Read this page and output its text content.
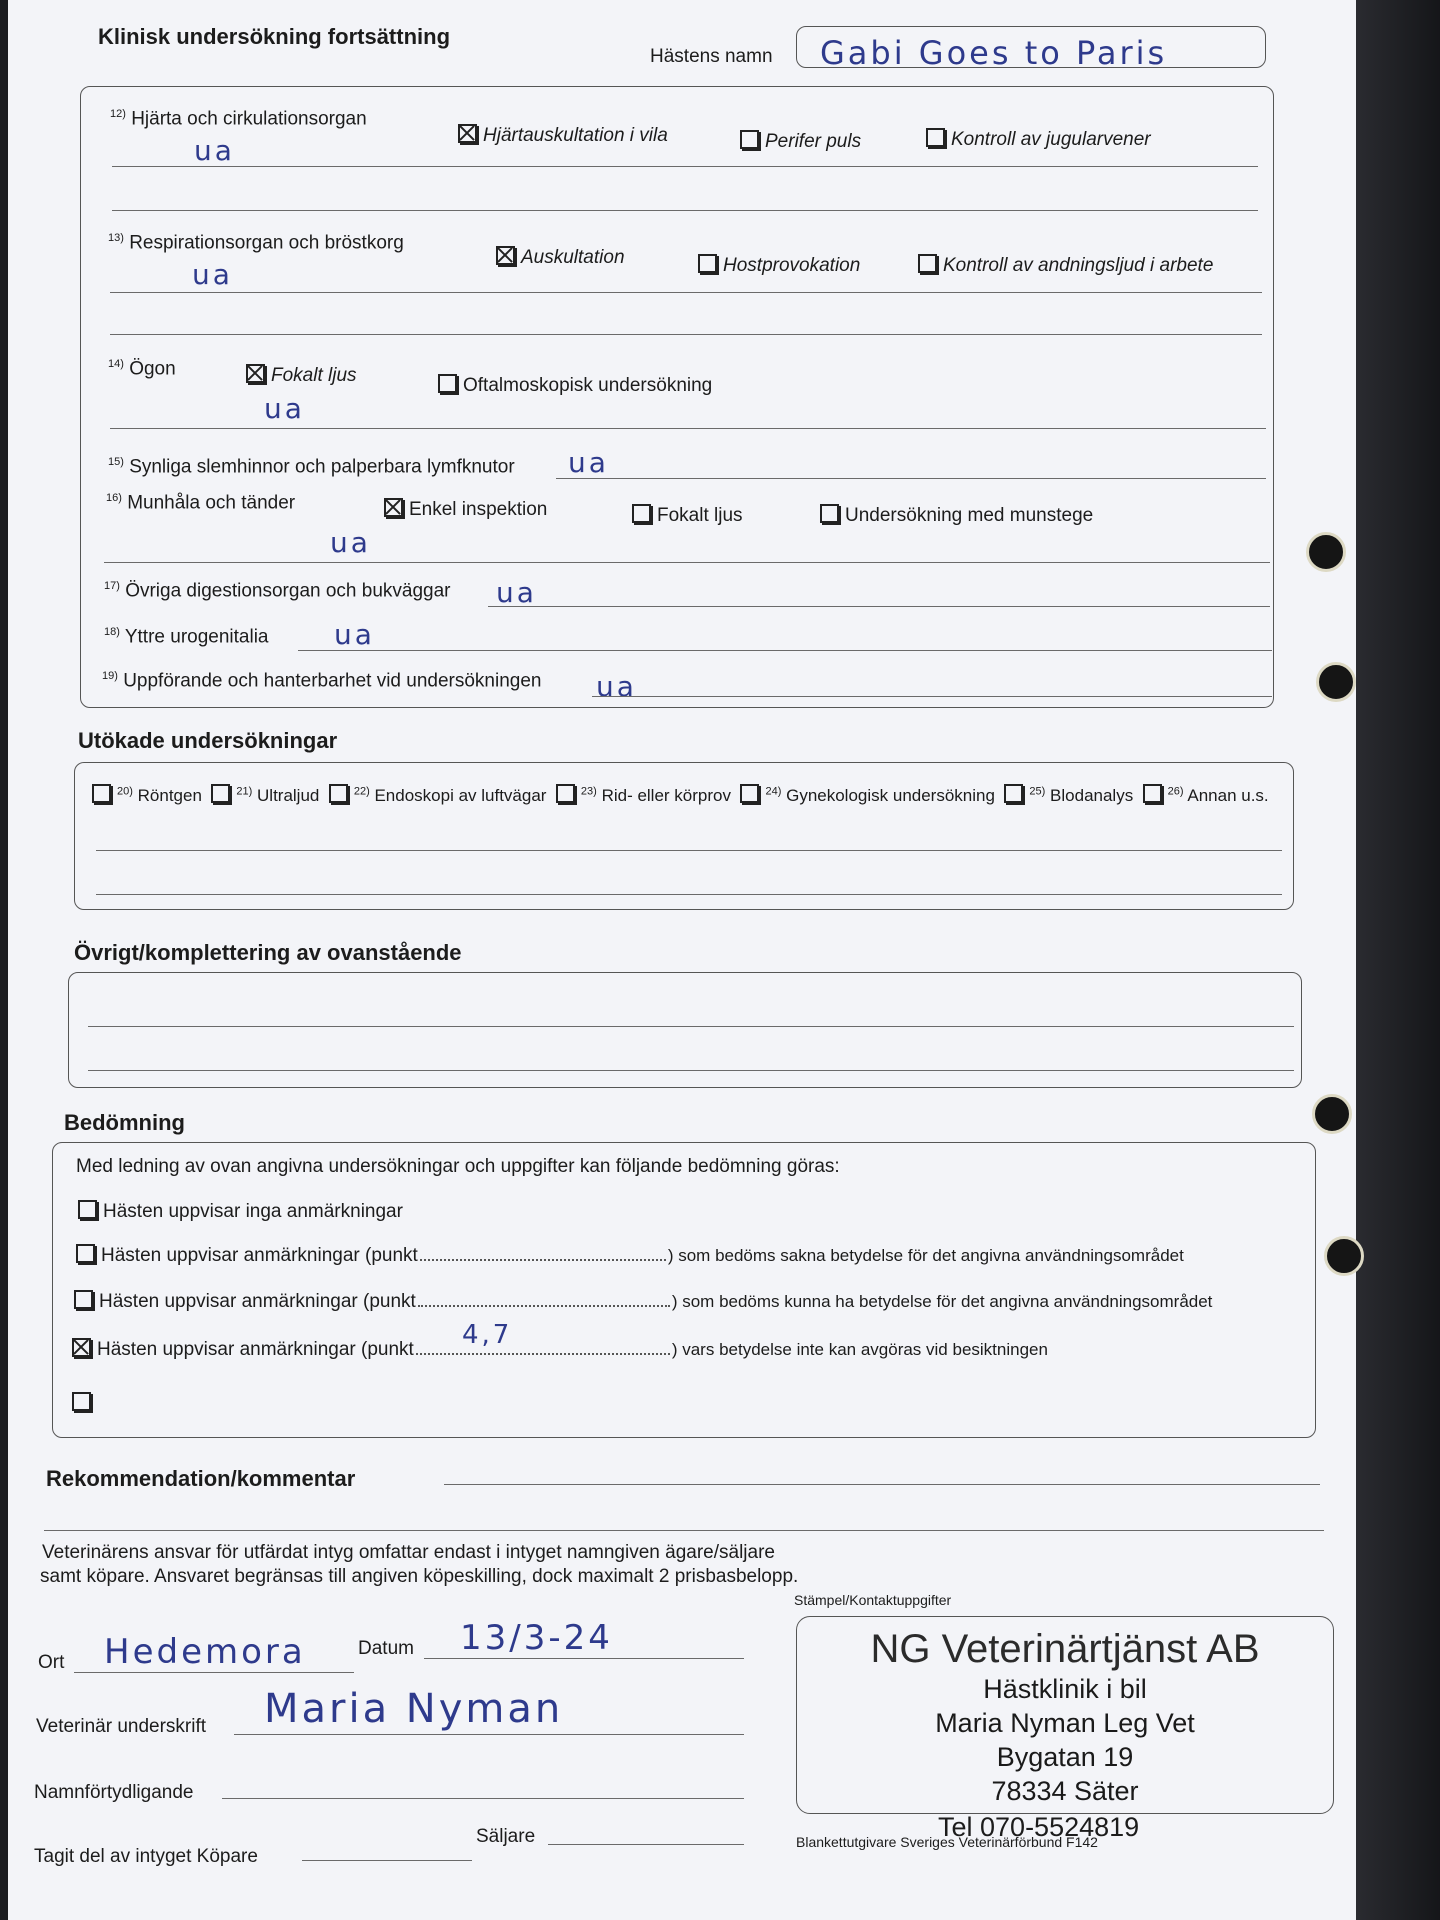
Klinisk undersökning fortsättning
Hästens namn Gabi Goes to Paris
$^{12)}$ Hjärta och cirkulationsorgan
Hjärtauskultation i vila	Perifer puls	Kontroll av jugularvener
ua
$^{13)}$ Respirationsorgan och bröstkorg
Auskultation	Hostprovokation	Kontroll av andningsljud i arbete
ua
$^{14)}$ Ögon	Fokalt ljus	Oftalmoskopisk undersökning
ua
$^{15)}$ Synliga slemhinnor och palperbara lymfknutor ua
$^{16)}$ Munhåla och tänder	Enkel inspektion	Fokalt ljus	Undersökning med munstege
ua
$^{17)}$ Övriga digestionsorgan och bukväggar ua
$^{18)}$ Yttre urogenitalia ua
$^{19)}$ Uppförande och hanterbarhet vid undersökningen ua
Utökade undersökningar
$^{20)}$ Röntgen	$^{21)}$ Ultraljud	$^{22)}$ Endoskopi av luftvägar	$^{23)}$ Rid- eller körprov	$^{24)}$ Gynekologisk undersökning	$^{25)}$ Blodanalys	$^{26)}$ Annan u.s.
Övrigt/komplettering av ovanstående
Bedömning
Med ledning av ovan angivna undersökningar och uppgifter kan följande bedömning göras:
Hästen uppvisar inga anmärkningar
Hästen uppvisar anmärkningar (punkt	) som bedöms sakna betydelse för det angivna användningsområdet
Hästen uppvisar anmärkningar (punkt	) som bedöms kunna ha betydelse för det angivna användningsområdet
Hästen uppvisar anmärkningar (punkt	) vars betydelse inte kan avgöras vid besiktningen
4,7
Rekommendation/kommentar
Veterinärens ansvar för utfärdat intyg omfattar endast i intyget namngiven ägare/säljare
samt köpare. Ansvaret begränsas till angiven köpeskilling, dock maximalt 2 prisbasbelopp.
Ort Hedemora	Datum 13/3-24
Veterinär underskrift Maria Nyman
Namnförtydligande
Tagit del av intyget Köpare
Säljare
Stämpel/Kontaktuppgifter
NG Veterinärtjänst AB
Hästklinik i bil
Maria Nyman Leg Vet
Bygatan 19
78334 Säter
Tel 070-5524819
Blankettutgivare Sveriges Veterinärförbund F142
